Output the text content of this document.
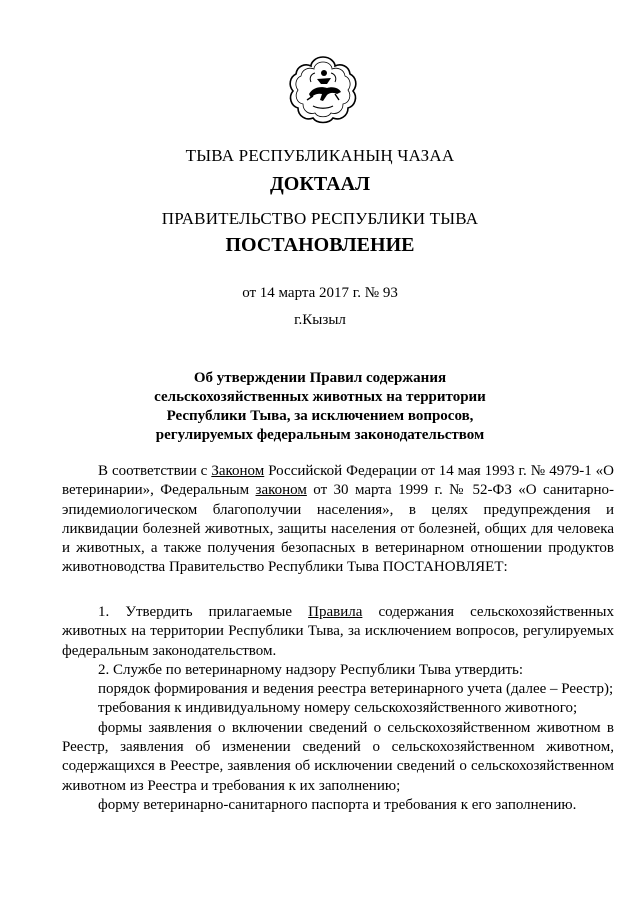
ТЫВА РЕСПУБЛИКАНЫҢ ЧАЗАА
ДОКТААЛ
ПРАВИТЕЛЬСТВО РЕСПУБЛИКИ ТЫВА
ПОСТАНОВЛЕНИЕ
от 14 марта 2017 г. № 93
г.Кызыл
Об утверждении Правил содержания
сельскохозяйственных животных на территории
Республики Тыва, за исключением вопросов,
регулируемых федеральным законодательством

В соответствии с Законом Российской Федерации от 14 мая 1993 г. № 4979-1 «О ветеринарии», Федеральным законом от 30 марта 1999 г. № 52-ФЗ «О санитарно-эпидемиологическом благополучии населения», в целях предупреждения и ликвидации болезней животных, защиты населения от болезней, общих для человека и животных, а также получения безопасных в ветеринарном отношении продуктов животноводства Правительство Республики Тыва ПОСТАНОВЛЯЕТ:

1. Утвердить прилагаемые Правила содержания сельскохозяйственных животных на территории Республики Тыва, за исключением вопросов, регулируемых федеральным законодательством.

2. Службе по ветеринарному надзору Республики Тыва утвердить:

порядок формирования и ведения реестра ветеринарного учета (далее – Реестр);

требования к индивидуальному номеру сельскохозяйственного животного;

формы заявления о включении сведений о сельскохозяйственном животном в Реестр, заявления об изменении сведений о сельскохозяйственном животном, содержащихся в Реестре, заявления об исключении сведений о сельскохозяйственном животном из Реестра и требования к их заполнению;

форму ветеринарно-санитарного паспорта и требования к его заполнению.
